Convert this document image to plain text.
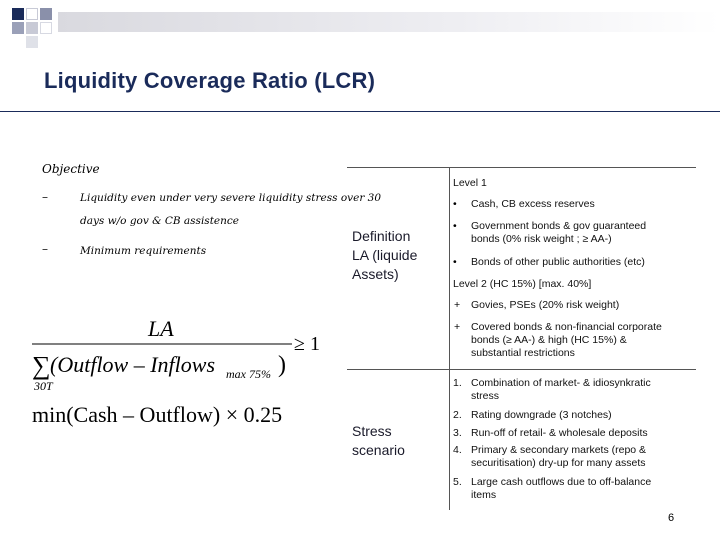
Liquidity Coverage Ratio (LCR)
Objective
–	Liquidity even under very severe liquidity stress over 30
days w/o gov & CB assistence
–	Minimum requirements
LA
∑ (Outflow – Inflows max 75% )
30T
≥ 1
min(Cash – Outflow) × 0.25
Definition
LA (liquide
Assets)
Level 1
• Cash, CB excess reserves
• Government bonds & gov guaranteed
bonds (0% risk weight ; ≥ AA-)
• Bonds of other public authorities (etc)
Level 2 (HC 15%) [max. 40%]
+ Govies, PSEs (20% risk weight)
+ Covered bonds & non-financial corporate
bonds (≥ AA-) & high (HC 15%) &
substantial restrictions
Stress
scenario
1. Combination of market- & idiosynkratic
stress
2. Rating downgrade (3 notches)
3. Run-off of retail- & wholesale deposits
4. Primary & secondary markets (repo &
securitisation) dry-up for many assets
5. Large cash outflows due to off-balance
items
6
